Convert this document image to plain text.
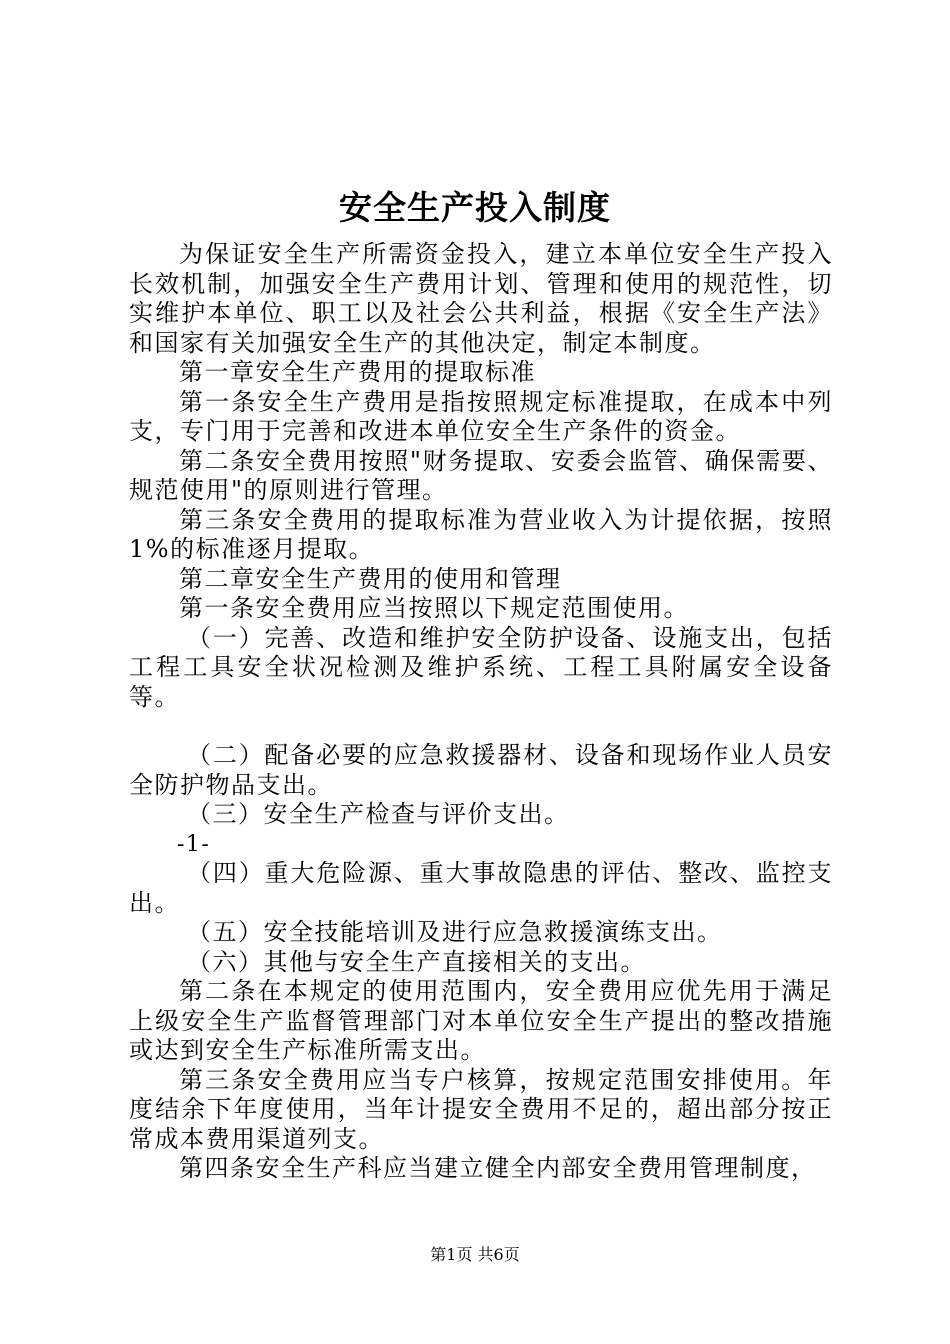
安全生产投入制度

为保证安全生产所需资金投入，建立本单位安全生产投入长效机制，加强安全生产费用计划、管理和使用的规范性，切实维护本单位、职工以及社会公共利益，根据《安全生产法》和国家有关加强安全生产的其他决定，制定本制度。

第一章安全生产费用的提取标准

第一条安全生产费用是指按照规定标准提取，在成本中列支，专门用于完善和改进本单位安全生产条件的资金。

第二条安全费用按照"财务提取、安委会监管、确保需要、规范使用"的原则进行管理。

第三条安全费用的提取标准为营业收入为计提依据，按照1%的标准逐月提取。

第二章安全生产费用的使用和管理

第一条安全费用应当按照以下规定范围使用。

（一）完善、改造和维护安全防护设备、设施支出，包括工程工具安全状况检测及维护系统、工程工具附属安全设备等。

（二）配备必要的应急救援器材、设备和现场作业人员安全防护物品支出。

（三）安全生产检查与评价支出。

-1-

（四）重大危险源、重大事故隐患的评估、整改、监控支出。

（五）安全技能培训及进行应急救援演练支出。

（六）其他与安全生产直接相关的支出。

第二条在本规定的使用范围内，安全费用应优先用于满足上级安全生产监督管理部门对本单位安全生产提出的整改措施或达到安全生产标准所需支出。

第三条安全费用应当专户核算，按规定范围安排使用。年度结余下年度使用，当年计提安全费用不足的，超出部分按正常成本费用渠道列支。

第四条安全生产科应当建立健全内部安全费用管理制度，

第1页 共6页
